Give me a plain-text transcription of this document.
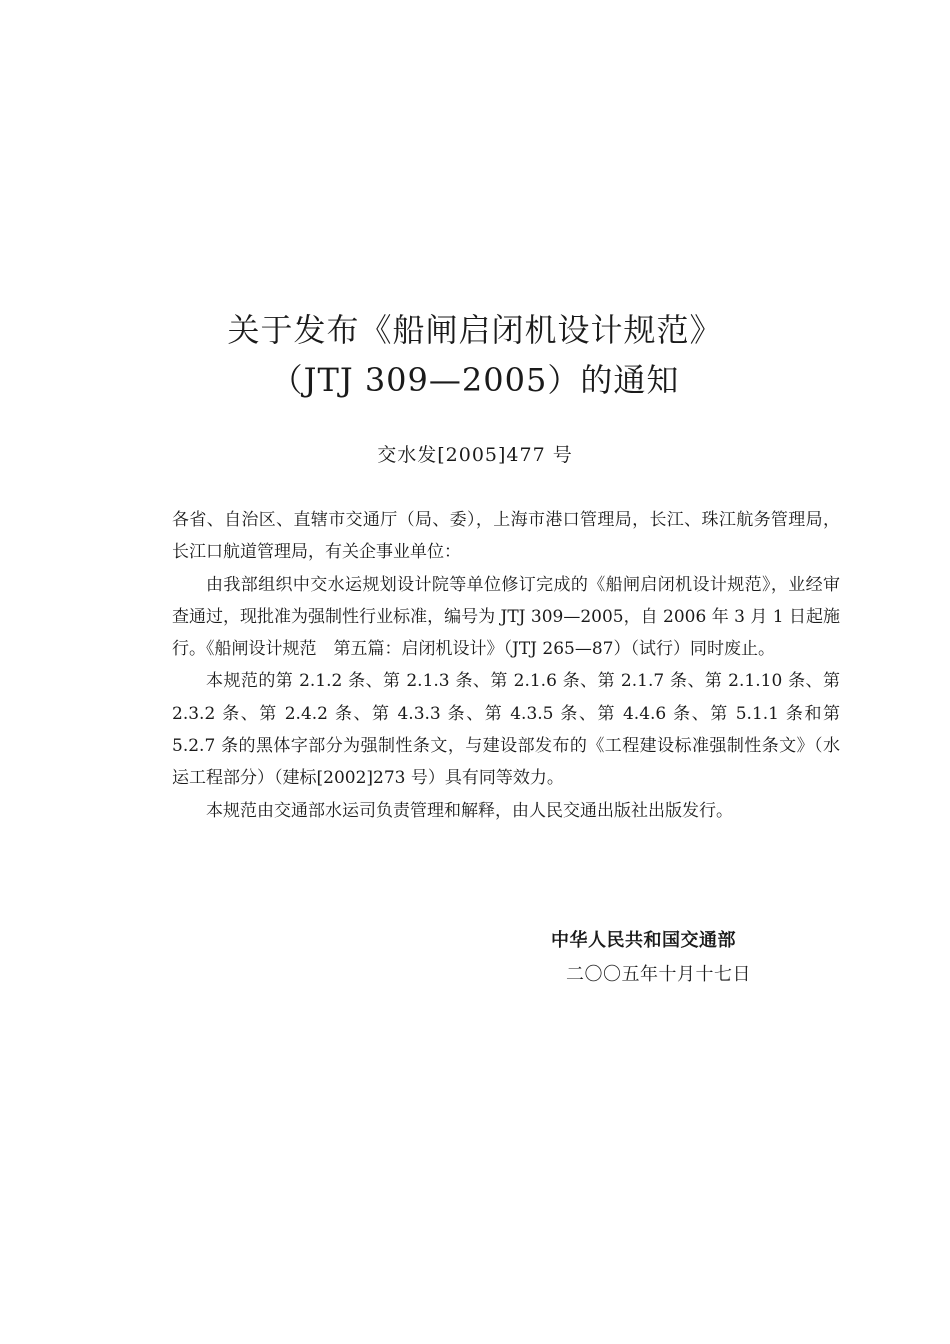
关于发布《船闸启闭机设计规范》
（JTJ 309—2005）的通知
交水发[2005]477 号

各省、自治区、直辖市交通厅（局、委），上海市港口管理局，长江、珠江航务管理局，长江口航道管理局，有关企事业单位：

由我部组织中交水运规划设计院等单位修订完成的《船闸启闭机设计规范》，业经审查通过，现批准为强制性行业标准，编号为 JTJ 309—2005，自 2006 年 3 月 1 日起施行。《船闸设计规范　第五篇：启闭机设计》（JTJ 265—87）（试行）同时废止。

本规范的第 2.1.2 条、第 2.1.3 条、第 2.1.6 条、第 2.1.7 条、第 2.1.10 条、第 2.3.2 条、第 2.4.2 条、第 4.3.3 条、第 4.3.5 条、第 4.4.6 条、第 5.1.1 条和第 5.2.7 条的黑体字部分为强制性条文，与建设部发布的《工程建设标准强制性条文》（水运工程部分）（建标[2002]273 号）具有同等效力。

本规范由交通部水运司负责管理和解释，由人民交通出版社出版发行。

中华人民共和国交通部
二〇〇五年十月十七日
